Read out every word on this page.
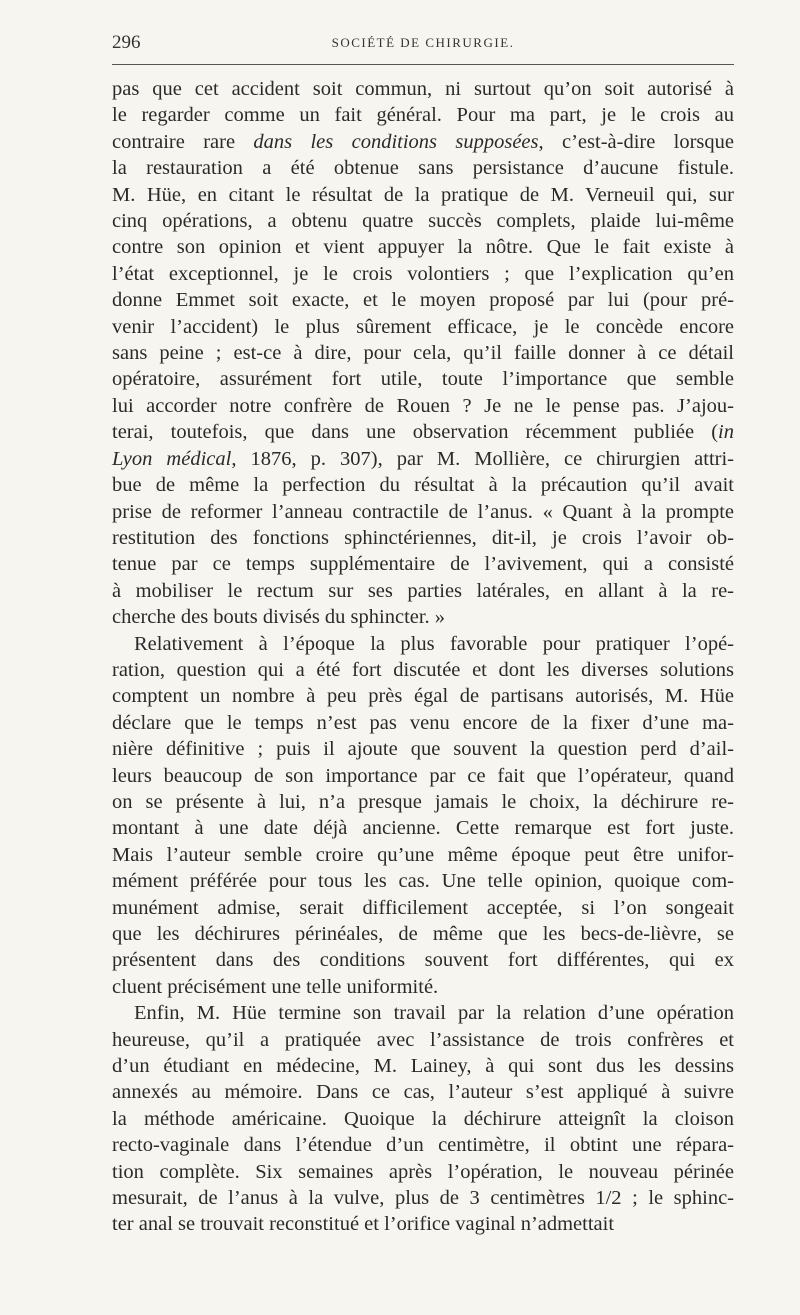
296	SOCIÉTÉ DE CHIRURGIE.
pas que cet accident soit commun, ni surtout qu’on soit autorisé à
le regarder comme un fait général. Pour ma part, je le crois au
contraire rare dans les conditions supposées, c’est-à-dire lorsque
la restauration a été obtenue sans persistance d’aucune fistule.
M. Hüe, en citant le résultat de la pratique de M. Verneuil qui, sur
cinq opérations, a obtenu quatre succès complets, plaide lui-même
contre son opinion et vient appuyer la nôtre. Que le fait existe à
l’état exceptionnel, je le crois volontiers ; que l’explication qu’en
donne Emmet soit exacte, et le moyen proposé par lui (pour pré-
venir l’accident) le plus sûrement efficace, je le concède encore
sans peine ; est-ce à dire, pour cela, qu’il faille donner à ce détail
opératoire, assurément fort utile, toute l’importance que semble
lui accorder notre confrère de Rouen ? Je ne le pense pas. J’ajou-
terai, toutefois, que dans une observation récemment publiée (in
Lyon médical, 1876, p. 307), par M. Mollière, ce chirurgien attri-
bue de même la perfection du résultat à la précaution qu’il avait
prise de reformer l’anneau contractile de l’anus. « Quant à la prompte
restitution des fonctions sphinctériennes, dit-il, je crois l’avoir ob-
tenue par ce temps supplémentaire de l’avivement, qui a consisté
à mobiliser le rectum sur ses parties latérales, en allant à la re-
cherche des bouts divisés du sphincter. »
Relativement à l’époque la plus favorable pour pratiquer l’opé-
ration, question qui a été fort discutée et dont les diverses solutions
comptent un nombre à peu près égal de partisans autorisés, M. Hüe
déclare que le temps n’est pas venu encore de la fixer d’une ma-
nière définitive ; puis il ajoute que souvent la question perd d’ail-
leurs beaucoup de son importance par ce fait que l’opérateur, quand
on se présente à lui, n’a presque jamais le choix, la déchirure re-
montant à une date déjà ancienne. Cette remarque est fort juste.
Mais l’auteur semble croire qu’une même époque peut être unifor-
mément préférée pour tous les cas. Une telle opinion, quoique com-
munément admise, serait difficilement acceptée, si l’on songeait
que les déchirures périnéales, de même que les becs-de-lièvre, se
présentent dans des conditions souvent fort différentes, qui ex
cluent précisément une telle uniformité.
Enfin, M. Hüe termine son travail par la relation d’une opération
heureuse, qu’il a pratiquée avec l’assistance de trois confrères et
d’un étudiant en médecine, M. Lainey, à qui sont dus les dessins
annexés au mémoire. Dans ce cas, l’auteur s’est appliqué à suivre
la méthode américaine. Quoique la déchirure atteignît la cloison
recto-vaginale dans l’étendue d’un centimètre, il obtint une répara-
tion complète. Six semaines après l’opération, le nouveau périnée
mesurait, de l’anus à la vulve, plus de 3 centimètres 1/2 ; le sphinc-
ter anal se trouvait reconstitué et l’orifice vaginal n’admettait
